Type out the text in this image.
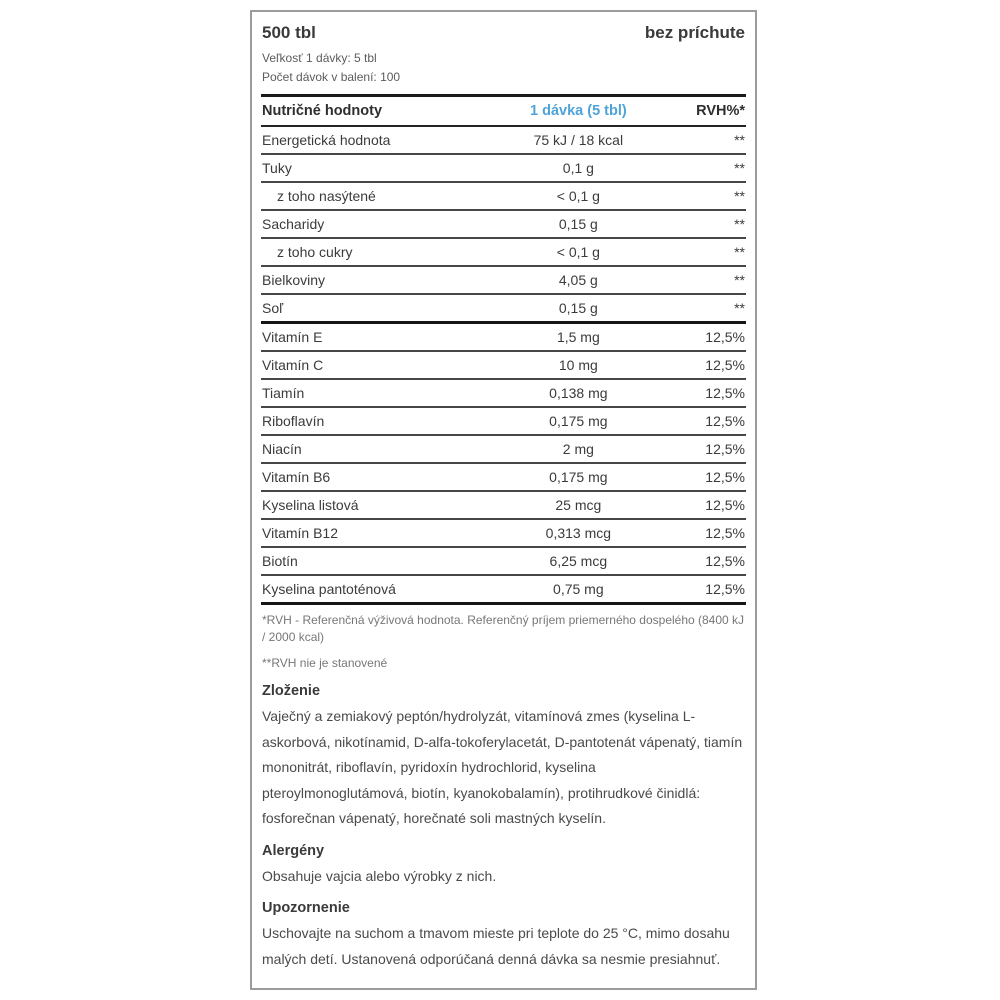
500 tbl	bez príchute
Veľkosť 1 dávky: 5 tbl
Počet dávok v balení: 100
Nutričné hodnoty	1 dávka (5 tbl)	RVH%*
Energetická hodnota	75 kJ / 18 kcal	**
Tuky	0,1 g	**
z toho nasýtené	< 0,1 g	**
Sacharidy	0,15 g	**
z toho cukry	< 0,1 g	**
Bielkoviny	4,05 g	**
Soľ	0,15 g	**
Vitamín E	1,5 mg	12,5%
Vitamín C	10 mg	12,5%
Tiamín	0,138 mg	12,5%
Riboflavín	0,175 mg	12,5%
Niacín	2 mg	12,5%
Vitamín B6	0,175 mg	12,5%
Kyselina listová	25 mcg	12,5%
Vitamín B12	0,313 mcg	12,5%
Biotín	6,25 mcg	12,5%
Kyselina pantoténová	0,75 mg	12,5%
*RVH - Referenčná výživová hodnota. Referenčný príjem priemerného dospelého (8400 kJ / 2000 kcal)
**RVH nie je stanovené
Zloženie
Vaječný a zemiakový peptón/hydrolyzát, vitamínová zmes (kyselina L-askorbová, nikotínamid, D-alfa-tokoferylacetát, D-pantotenát vápenatý, tiamín mononitrát, riboflavín, pyridoxín hydrochlorid, kyselina pteroylmonoglutámová, biotín, kyanokobalamín), protihrudkové činidlá: fosforečnan vápenatý, horečnaté soli mastných kyselín.
Alergény
Obsahuje vajcia alebo výrobky z nich.
Upozornenie
Uschovajte na suchom a tmavom mieste pri teplote do 25 °C, mimo dosahu malých detí. Ustanovená odporúčaná denná dávka sa nesmie presiahnuť.
